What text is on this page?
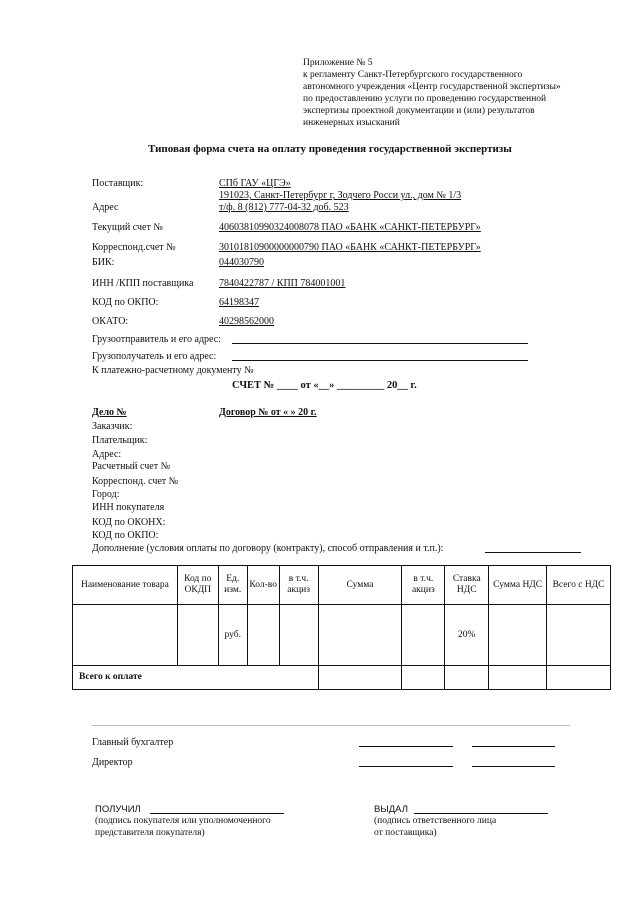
Приложение № 5
к регламенту Санкт-Петербургского государственного
автономного учреждения «Центр государственной экспертизы»
по предоставлению услуги по проведению государственной
экспертизы проектной документации и (или) результатов
инженерных изысканий
Типовая форма счета на оплату проведения государственной экспертизы
Поставщик:	СПб ГАУ «ЦГЭ»
191023, Санкт-Петербург г, Зодчего Росси ул., дом № 1/3
Адрес	т/ф. 8 (812) 777-04-32 доб. 523
Текущий счет №	40603810990324008078 ПАО «БАНК «САНКТ-ПЕТЕРБУРГ»
Корреспонд.счет №	30101810900000000790 ПАО «БАНК «САНКТ-ПЕТЕРБУРГ»
БИК:	044030790
ИНН /КПП поставщика	7840422787 / КПП 784001001
КОД по ОКПО:	64198347
ОКАТО:	40298562000
Грузоотправитель и его адрес:
Грузополучатель и его адрес:
К платежно-расчетному документу №
СЧЕТ № ____ от «__» _________ 20__ г.
Дело №	Договор № от « » 20 г.
Заказчик:
Плательщик:
Адрес:
Расчетный счет №
Корреспонд. счет №
Город:
ИНН покупателя
КОД по ОКОНХ:
КОД по ОКПО:
Дополнение (условия оплаты по договору (контракту), способ отправления и т.п.):
Наименование товара	Код по ОКДП	Ед. изм.	Кол-во	в т.ч. акциз	Сумма	в т.ч. акциз	Ставка НДС	Сумма НДС	Всего с НДС
		руб.					20%		
Всего к оплате									
Главный бухгалтер
Директор
ПОЛУЧИЛ
(подпись покупателя или уполномоченного
представителя покупателя)
ВЫДАЛ
(подпись ответственного лица
от поставщика)
